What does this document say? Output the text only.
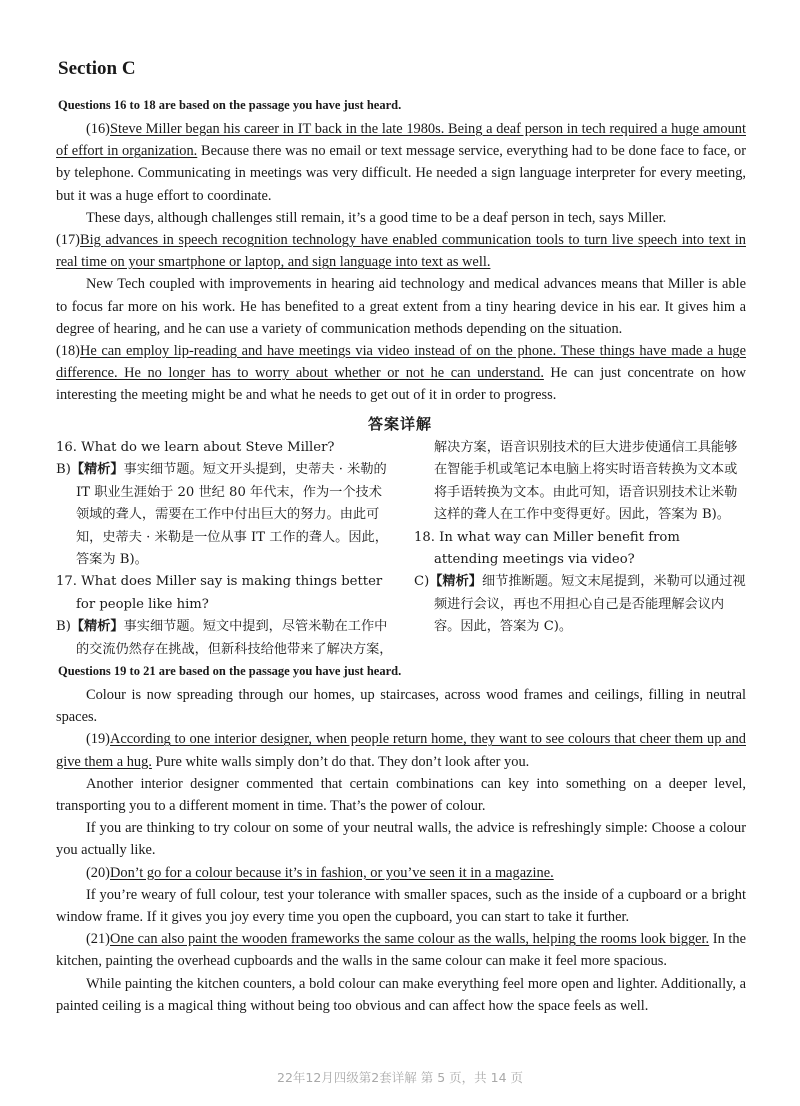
Section C
Questions 16 to 18 are based on the passage you have just heard.

(16)Steve Miller began his career in IT back in the late 1980s. Being a deaf person in tech required a huge amount of effort in organization. Because there was no email or text message service, everything had to be done face to face, or by telephone. Communicating in meetings was very difficult. He needed a sign language interpreter for every meeting, but it was a huge effort to coordinate.

These days, although challenges still remain, it’s a good time to be a deaf person in tech, says Miller.

(17)Big advances in speech recognition technology have enabled communication tools to turn live speech into text in real time on your smartphone or laptop, and sign language into text as well.

New Tech coupled with improvements in hearing aid technology and medical advances means that Miller is able to focus far more on his work. He has benefited to a great extent from a tiny hearing device in his ear. It gives him a degree of hearing, and he can use a variety of communication methods depending on the situation.

(18)He can employ lip-reading and have meetings via video instead of on the phone. These things have made a huge difference. He no longer has to worry about whether or not he can understand. He can just concentrate on how interesting the meeting might be and what he needs to get out of it in order to progress.

答案详解
16. What do we learn about Steve Miller?
B)【精析】事实细节题。短文开头提到，史蒂夫 · 米勒的 IT 职业生涯始于 20 世纪 80 年代末，作为一个技术领域的聋人，需要在工作中付出巨大的努力。由此可知，史蒂夫 · 米勒是一位从事 IT 工作的聋人。因此，答案为 B)。
17. What does Miller say is making things better for people like him?
B)【精析】事实细节题。短文中提到，尽管米勒在工作中的交流仍然存在挑战，但新科技给他带来了解决方案，
解决方案，语音识别技术的巨大进步使通信工具能够在智能手机或笔记本电脑上将实时语音转换为文本或将手语转换为文本。由此可知，语音识别技术让米勒这样的聋人在工作中变得更好。因此，答案为 B)。
18. In what way can Miller benefit from attending meetings via video?
C)【精析】细节推断题。短文末尾提到，米勒可以通过视频进行会议，再也不用担心自己是否能理解会议内容。因此，答案为 C)。
Questions 19 to 21 are based on the passage you have just heard.

Colour is now spreading through our homes, up staircases, across wood frames and ceilings, filling in neutral spaces.

(19)According to one interior designer, when people return home, they want to see colours that cheer them up and give them a hug. Pure white walls simply don’t do that. They don’t look after you.

Another interior designer commented that certain combinations can key into something on a deeper level, transporting you to a different moment in time. That’s the power of colour.

If you are thinking to try colour on some of your neutral walls, the advice is refreshingly simple: Choose a colour you actually like.

(20)Don’t go for a colour because it’s in fashion, or you’ve seen it in a magazine.

If you’re weary of full colour, test your tolerance with smaller spaces, such as the inside of a cupboard or a bright window frame. If it gives you joy every time you open the cupboard, you can start to take it further.

(21)One can also paint the wooden frameworks the same colour as the walls, helping the rooms look bigger. In the kitchen, painting the overhead cupboards and the walls in the same colour can make it feel more spacious.

While painting the kitchen counters, a bold colour can make everything feel more open and lighter. Additionally, a painted ceiling is a magical thing without being too obvious and can affect how the space feels as well.

22年12月四级第2套详解 第 5 页，共 14 页
